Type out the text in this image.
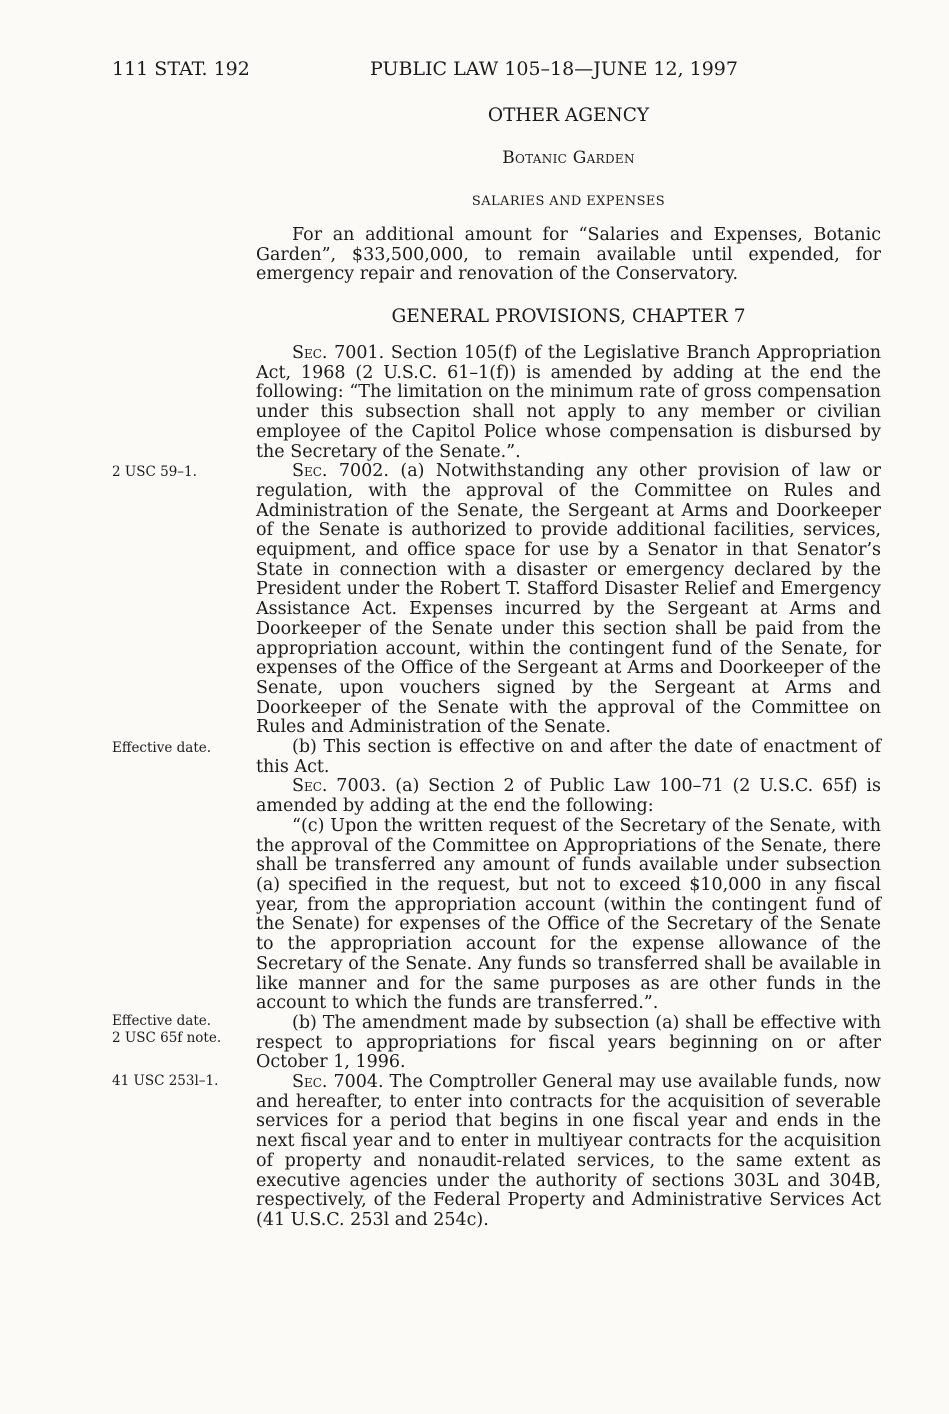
111 STAT. 192	PUBLIC LAW 105–18—JUNE 12, 1997
OTHER AGENCY
Botanic Garden
SALARIES AND EXPENSES

For an additional amount for “Salaries and Expenses, Botanic Garden”, $33,500,000, to remain available until expended, for emergency repair and renovation of the Conservatory.

GENERAL PROVISIONS, CHAPTER 7

Sec. 7001. Section 105(f) of the Legislative Branch Appropriation Act, 1968 (2 U.S.C. 61–1(f)) is amended by adding at the end the following: “The limitation on the minimum rate of gross compensation under this subsection shall not apply to any member or civilian employee of the Capitol Police whose compensation is disbursed by the Secretary of the Senate.”.

Sec. 7002. (a) Notwithstanding any other provision of law or regulation, with the approval of the Committee on Rules and Administration of the Senate, the Sergeant at Arms and Doorkeeper of the Senate is authorized to provide additional facilities, services, equipment, and office space for use by a Senator in that Senator’s State in connection with a disaster or emergency declared by the President under the Robert T. Stafford Disaster Relief and Emergency Assistance Act. Expenses incurred by the Sergeant at Arms and Doorkeeper of the Senate under this section shall be paid from the appropriation account, within the contingent fund of the Senate, for expenses of the Office of the Sergeant at Arms and Doorkeeper of the Senate, upon vouchers signed by the Sergeant at Arms and Doorkeeper of the Senate with the approval of the Committee on Rules and Administration of the Senate.

(b) This section is effective on and after the date of enactment of this Act.

Sec. 7003. (a) Section 2 of Public Law 100–71 (2 U.S.C. 65f) is amended by adding at the end the following:

“(c) Upon the written request of the Secretary of the Senate, with the approval of the Committee on Appropriations of the Senate, there shall be transferred any amount of funds available under subsection (a) specified in the request, but not to exceed $10,000 in any fiscal year, from the appropriation account (within the contingent fund of the Senate) for expenses of the Office of the Secretary of the Senate to the appropriation account for the expense allowance of the Secretary of the Senate. Any funds so transferred shall be available in like manner and for the same purposes as are other funds in the account to which the funds are transferred.”.

(b) The amendment made by subsection (a) shall be effective with respect to appropriations for fiscal years beginning on or after October 1, 1996.

Sec. 7004. The Comptroller General may use available funds, now and hereafter, to enter into contracts for the acquisition of severable services for a period that begins in one fiscal year and ends in the next fiscal year and to enter in multiyear contracts for the acquisition of property and nonaudit-related services, to the same extent as executive agencies under the authority of sections 303L and 304B, respectively, of the Federal Property and Administrative Services Act (41 U.S.C. 253l and 254c).

2 USC 59–1.
Effective date.
Effective date.
2 USC 65f note.
41 USC 253l–1.
